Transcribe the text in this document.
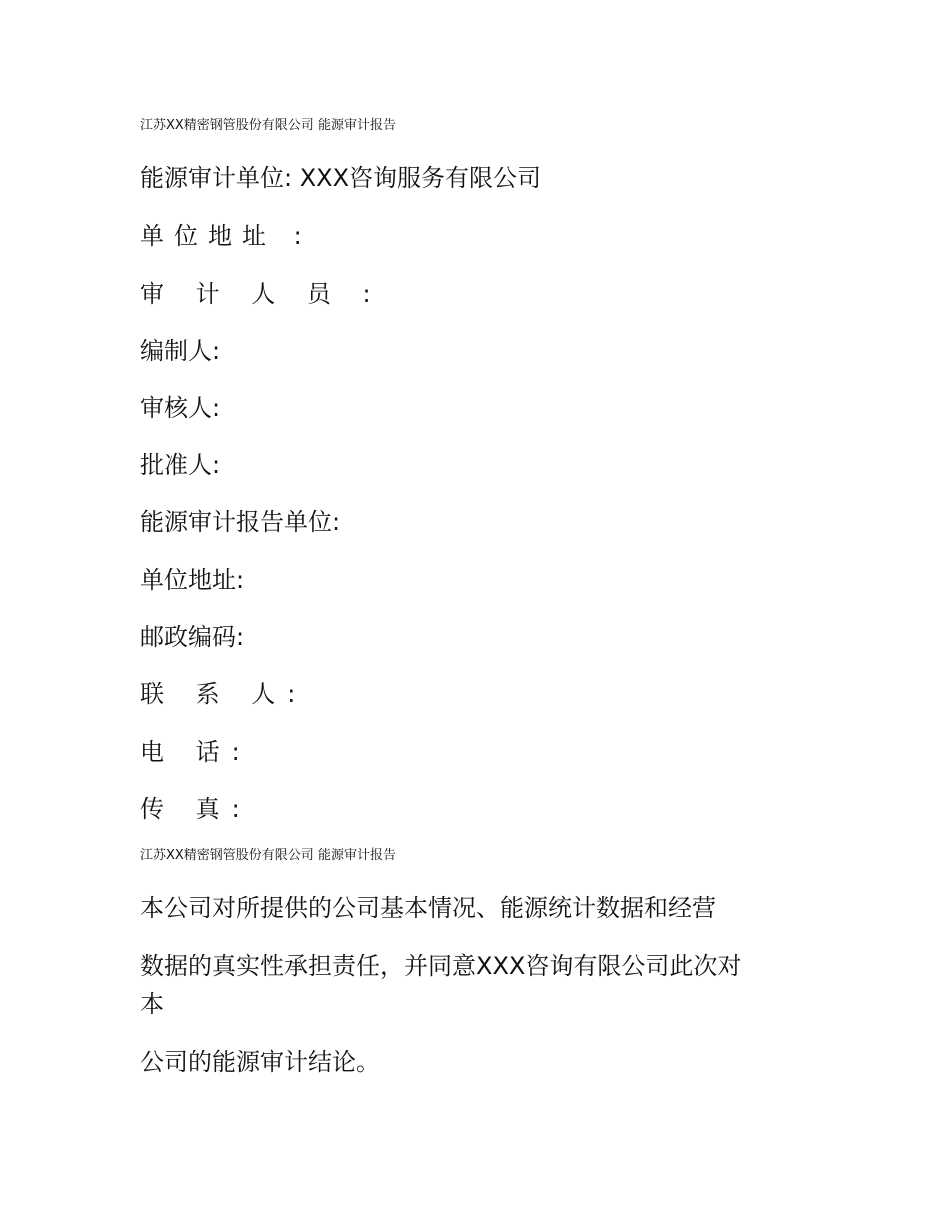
江苏XX精密钢管股份有限公司 能源审计报告
能源审计单位: XXX咨询服务有限公司
单位地址 :
审 计 人 员 :
编制人:
审核人:
批准人:
能源审计报告单位:
单位地址:
邮政编码:
联 系 人:
电 话:
传 真:
江苏XX精密钢管股份有限公司 能源审计报告
本公司对所提供的公司基本情况、能源统计数据和经营
数据的真实性承担责任，并同意XXX咨询有限公司此次对
本
公司的能源审计结论。
